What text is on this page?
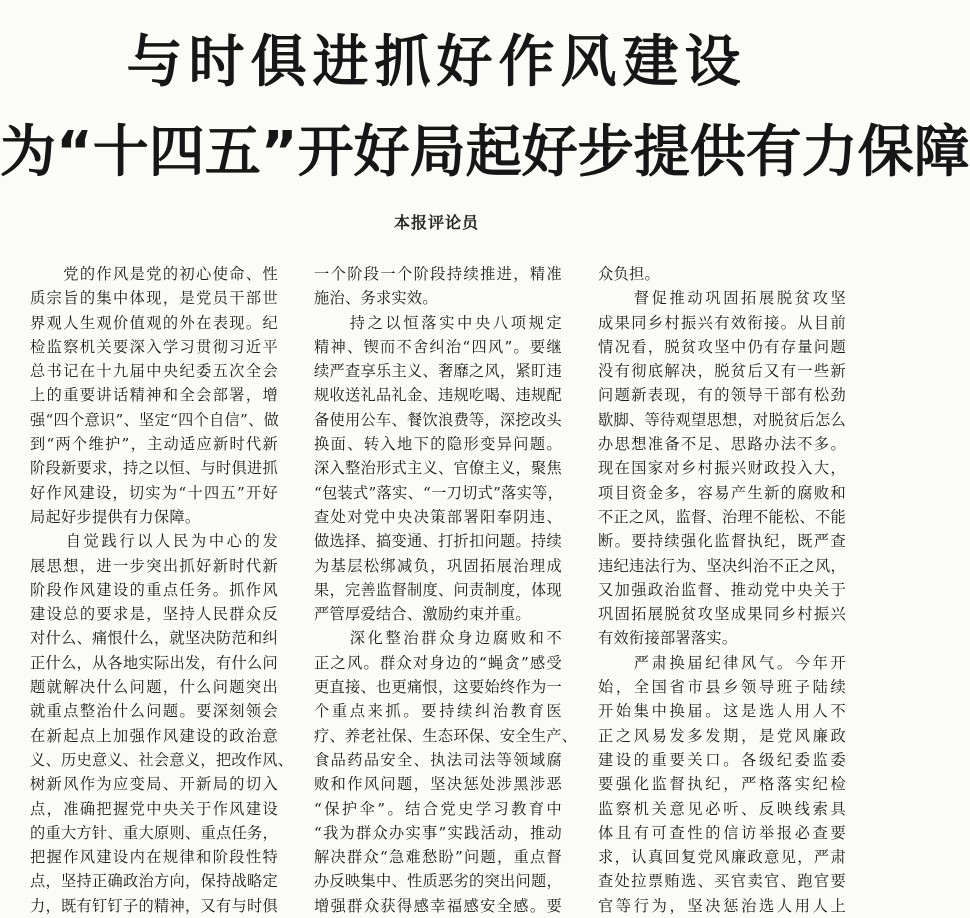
与时俱进抓好作风建设
为“十四五”开好局起好步提供有力保障
本报评论员
　　党的作风是党的初心使命、性
质宗旨的集中体现，是党员干部世
界观人生观价值观的外在表现。纪
检监察机关要深入学习贯彻习近平
总书记在十九届中央纪委五次全会
上的重要讲话精神和全会部署，增
强“四个意识”、坚定“四个自信”、做
到“两个维护”，主动适应新时代新
阶段新要求，持之以恒、与时俱进抓
好作风建设，切实为“十四五”开好
局起好步提供有力保障。
　　自觉践行以人民为中心的发
展思想，进一步突出抓好新时代新
阶段作风建设的重点任务。抓作风
建设总的要求是，坚持人民群众反
对什么、痛恨什么，就坚决防范和纠
正什么，从各地实际出发，有什么问
题就解决什么问题，什么问题突出
就重点整治什么问题。要深刻领会
在新起点上加强作风建设的政治意
义、历史意义、社会意义，把改作风、
树新风作为应变局、开新局的切入
点，准确把握党中央关于作风建设
的重大方针、重大原则、重点任务，
把握作风建设内在规律和阶段性特
点，坚持正确政治方向，保持战略定
力，既有钉钉子的精神，又有与时俱
一个阶段一个阶段持续推进，精准
施治、务求实效。
　　持之以恒落实中央八项规定
精神、锲而不舍纠治“四风”。要继
续严查享乐主义、奢靡之风，紧盯违
规收送礼品礼金、违规吃喝、违规配
备使用公车、餐饮浪费等，深挖改头
换面、转入地下的隐形变异问题。
深入整治形式主义、官僚主义，聚焦
“包装式”落实、“一刀切式”落实等，
查处对党中央决策部署阳奉阴违、
做选择、搞变通、打折扣问题。持续
为基层松绑减负，巩固拓展治理成
果，完善监督制度、问责制度，体现
严管厚爱结合、激励约束并重。
　　深化整治群众身边腐败和不
正之风。群众对身边的“蝇贪”感受
更直接、也更痛恨，这要始终作为一
个重点来抓。要持续纠治教育医
疗、养老社保、生态环保、安全生产、
食品药品安全、执法司法等领域腐
败和作风问题，坚决惩处涉黑涉恶
“保护伞”。结合党史学习教育中
“我为群众办实事”实践活动，推动
解决群众“急难愁盼”问题，重点督
办反映集中、性质恶劣的突出问题，
增强群众获得感幸福感安全感。要
众负担。
　　督促推动巩固拓展脱贫攻坚
成果同乡村振兴有效衔接。从目前
情况看，脱贫攻坚中仍有存量问题
没有彻底解决，脱贫后又有一些新
问题新表现，有的领导干部有松劲
歇脚、等待观望思想，对脱贫后怎么
办思想准备不足、思路办法不多。
现在国家对乡村振兴财政投入大，
项目资金多，容易产生新的腐败和
不正之风，监督、治理不能松、不能
断。要持续强化监督执纪，既严查
违纪违法行为、坚决纠治不正之风，
又加强政治监督、推动党中央关于
巩固拓展脱贫攻坚成果同乡村振兴
有效衔接部署落实。
　　严肃换届纪律风气。今年开
始，全国省市县乡领导班子陆续
开始集中换届。这是选人用人不
正之风易发多发期，是党风廉政
建设的重要关口。各级纪委监委
要强化监督执纪，严格落实纪检
监察机关意见必听、反映线索具
体且有可查性的信访举报必查要
求，认真回复党风廉政意见，严肃
查处拉票贿选、买官卖官、跑官要
官等行为，坚决惩治选人用人上
